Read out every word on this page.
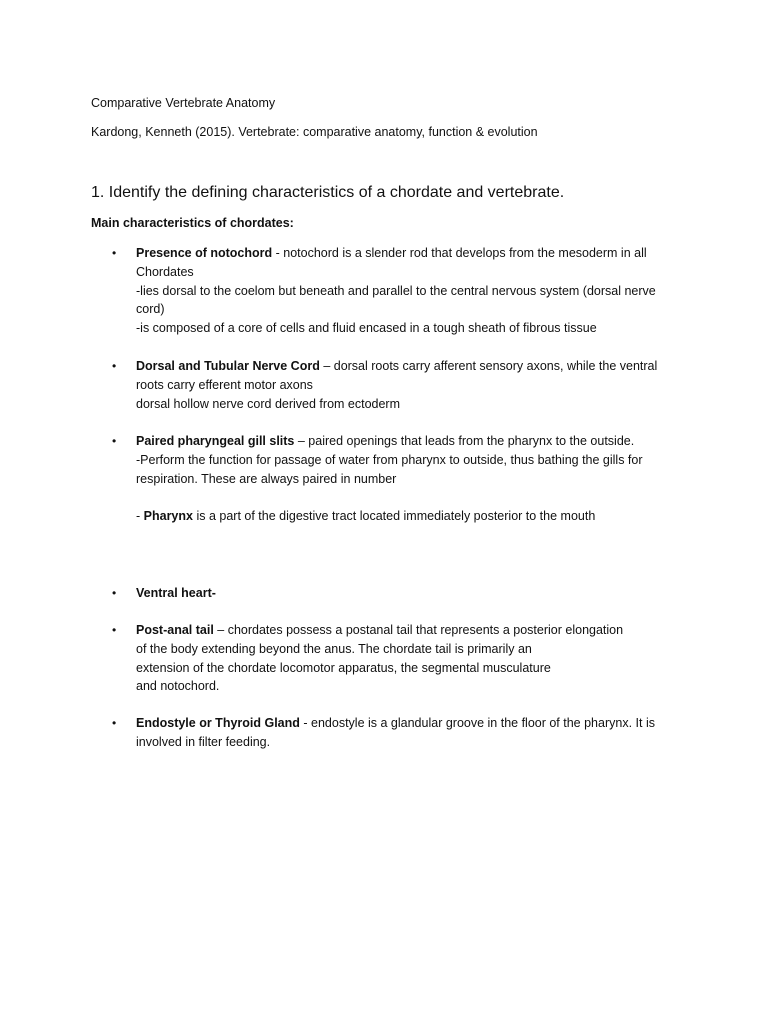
Comparative Vertebrate Anatomy
Kardong, Kenneth (2015). Vertebrate: comparative anatomy, function & evolution
1. Identify the defining characteristics of a chordate and vertebrate.
Main characteristics of chordates:
• Presence of notochord - notochord is a slender rod that develops from the mesoderm in all
Chordates
-lies dorsal to the coelom but beneath and parallel to the central nervous system (dorsal nerve
cord)
-is composed of a core of cells and fluid encased in a tough sheath of fibrous tissue
• Dorsal and Tubular Nerve Cord – dorsal roots carry afferent sensory axons, while the ventral
roots carry efferent motor axons
dorsal hollow nerve cord derived from ectoderm
• Paired pharyngeal gill slits – paired openings that leads from the pharynx to the outside.
-Perform the function for passage of water from pharynx to outside, thus bathing the gills for
respiration. These are always paired in number
- Pharynx is a part of the digestive tract located immediately posterior to the mouth
• Ventral heart-
• Post-anal tail – chordates possess a postanal tail that represents a posterior elongation
of the body extending beyond the anus. The chordate tail is primarily an
extension of the chordate locomotor apparatus, the segmental musculature
and notochord.
• Endostyle or Thyroid Gland - endostyle is a glandular groove in the floor of the pharynx. It is
involved in filter feeding.
